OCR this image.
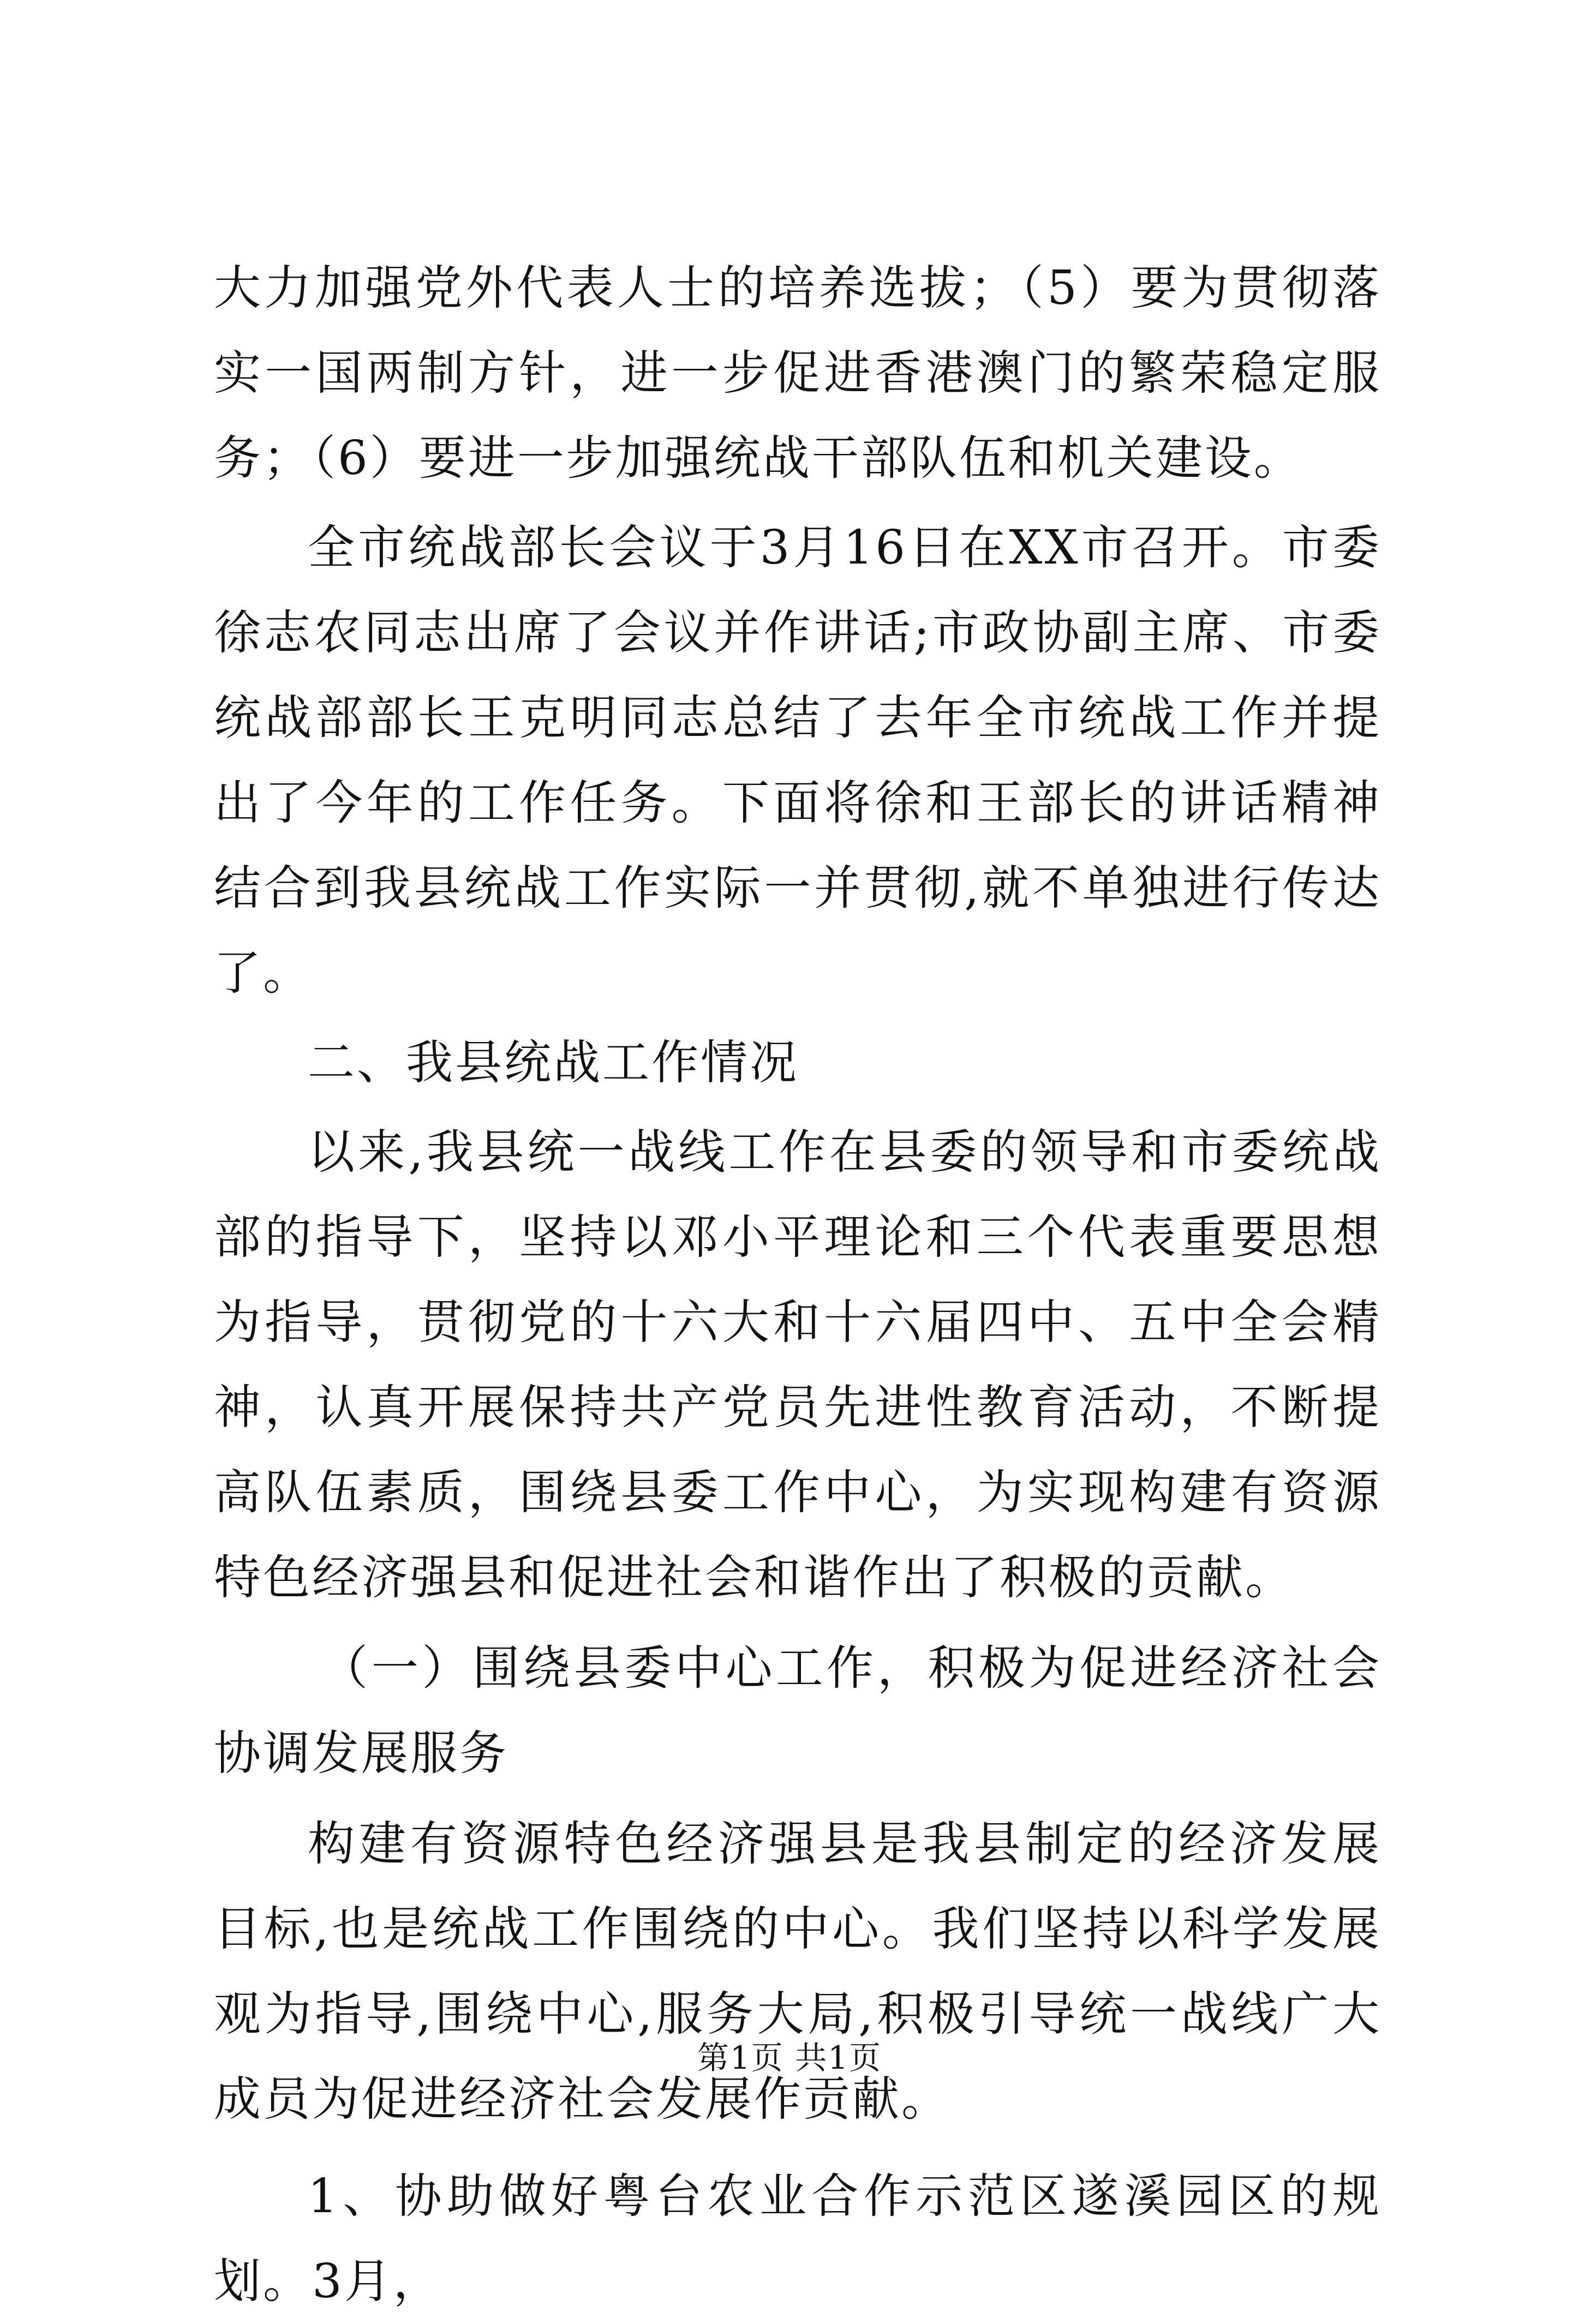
大力加强党外代表人士的培养选拔；（5）要为贯彻落实一国两制方针，进一步促进香港澳门的繁荣稳定服务；（6）要进一步加强统战干部队伍和机关建设。

全市统战部长会议于3月16日在XX市召开。市委徐志农同志出席了会议并作讲话;市政协副主席、市委统战部部长王克明同志总结了去年全市统战工作并提出了今年的工作任务。下面将徐和王部长的讲话精神结合到我县统战工作实际一并贯彻,就不单独进行传达了。

二、我县统战工作情况

以来,我县统一战线工作在县委的领导和市委统战部的指导下，坚持以邓小平理论和三个代表重要思想为指导，贯彻党的十六大和十六届四中、五中全会精神，认真开展保持共产党员先进性教育活动，不断提高队伍素质，围绕县委工作中心，为实现构建有资源特色经济强县和促进社会和谐作出了积极的贡献。

（一）围绕县委中心工作，积极为促进经济社会协调发展服务

构建有资源特色经济强县是我县制定的经济发展目标,也是统战工作围绕的中心。我们坚持以科学发展观为指导,围绕中心,服务大局,积极引导统一战线广大成员为促进经济社会发展作贡献。

1、协助做好粤台农业合作示范区遂溪园区的规划。3月，

第1页 共1页
